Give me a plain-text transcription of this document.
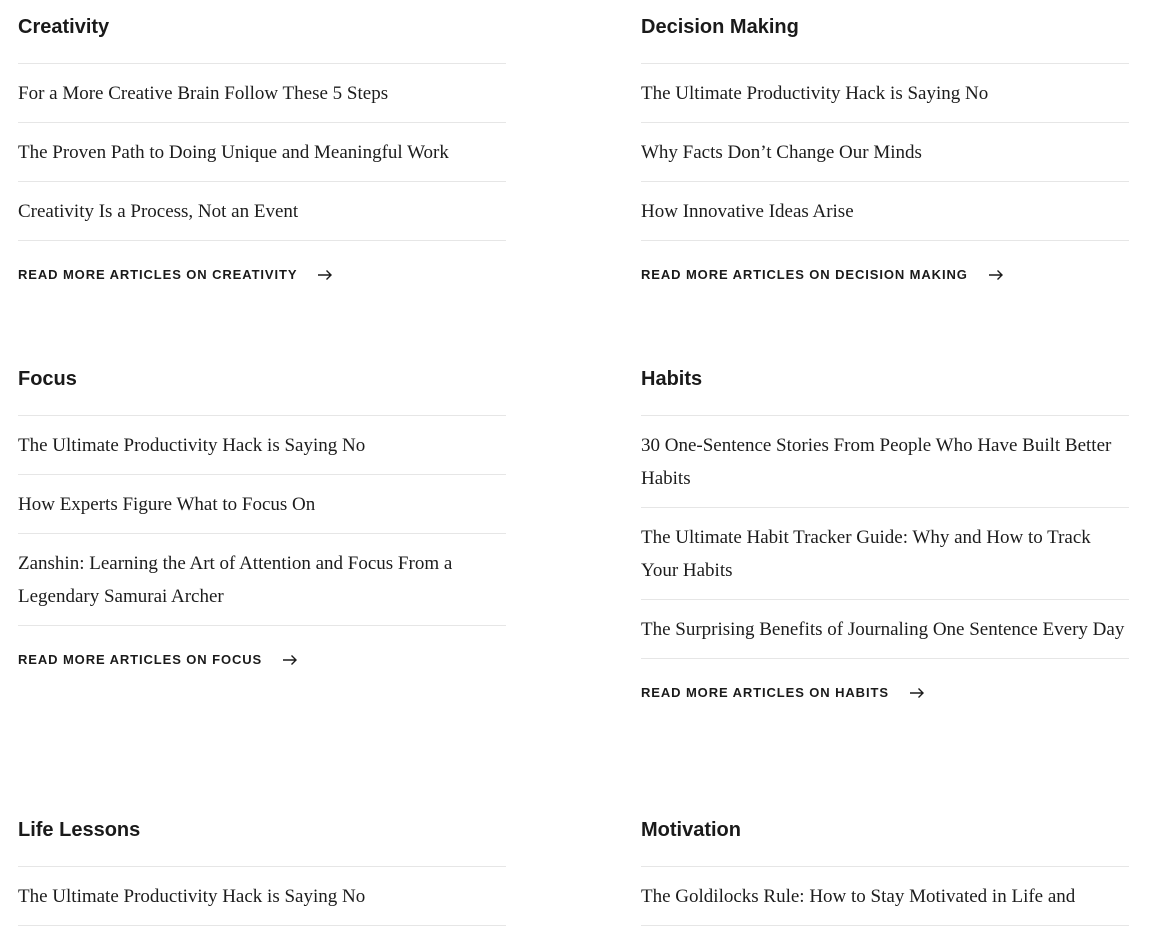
Creativity
For a More Creative Brain Follow These 5 Steps
The Proven Path to Doing Unique and Meaningful Work
Creativity Is a Process, Not an Event
READ MORE ARTICLES ON CREATIVITY
Decision Making
The Ultimate Productivity Hack is Saying No
Why Facts Don’t Change Our Minds
How Innovative Ideas Arise
READ MORE ARTICLES ON DECISION MAKING
Focus
The Ultimate Productivity Hack is Saying No
How Experts Figure What to Focus On
Zanshin: Learning the Art of Attention and Focus From a Legendary Samurai Archer
READ MORE ARTICLES ON FOCUS
Habits
30 One-Sentence Stories From People Who Have Built Better Habits
The Ultimate Habit Tracker Guide: Why and How to Track Your Habits
The Surprising Benefits of Journaling One Sentence Every Day
READ MORE ARTICLES ON HABITS
Life Lessons
The Ultimate Productivity Hack is Saying No
Motivation
The Goldilocks Rule: How to Stay Motivated in Life and
